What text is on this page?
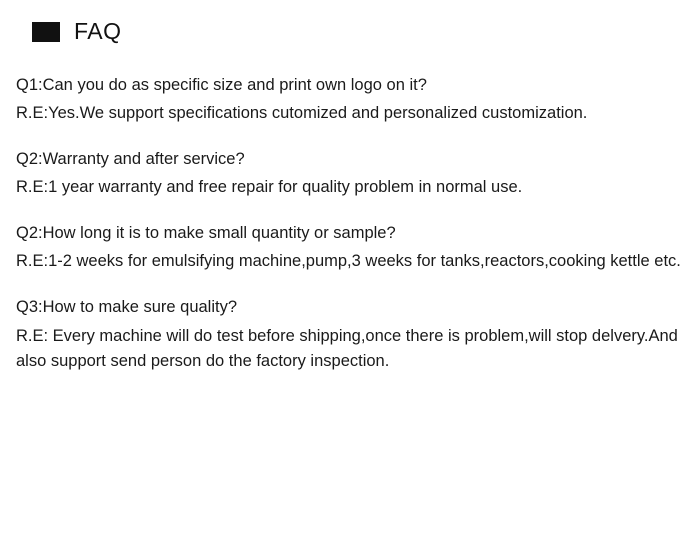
FAQ
Q1:Can you do as specific size and print own logo on it?
R.E:Yes.We support specifications cutomized and personalized customization.
Q2:Warranty and after service?
R.E:1 year warranty and free repair for quality problem in normal use.
Q2:How long it is to make small quantity or sample?
R.E:1-2 weeks for emulsifying machine,pump,3 weeks for tanks,reactors,cooking kettle etc.
Q3:How to make sure quality?
R.E: Every machine will do test before shipping,once there is problem,will stop delvery.And also support send person do the factory inspection.
